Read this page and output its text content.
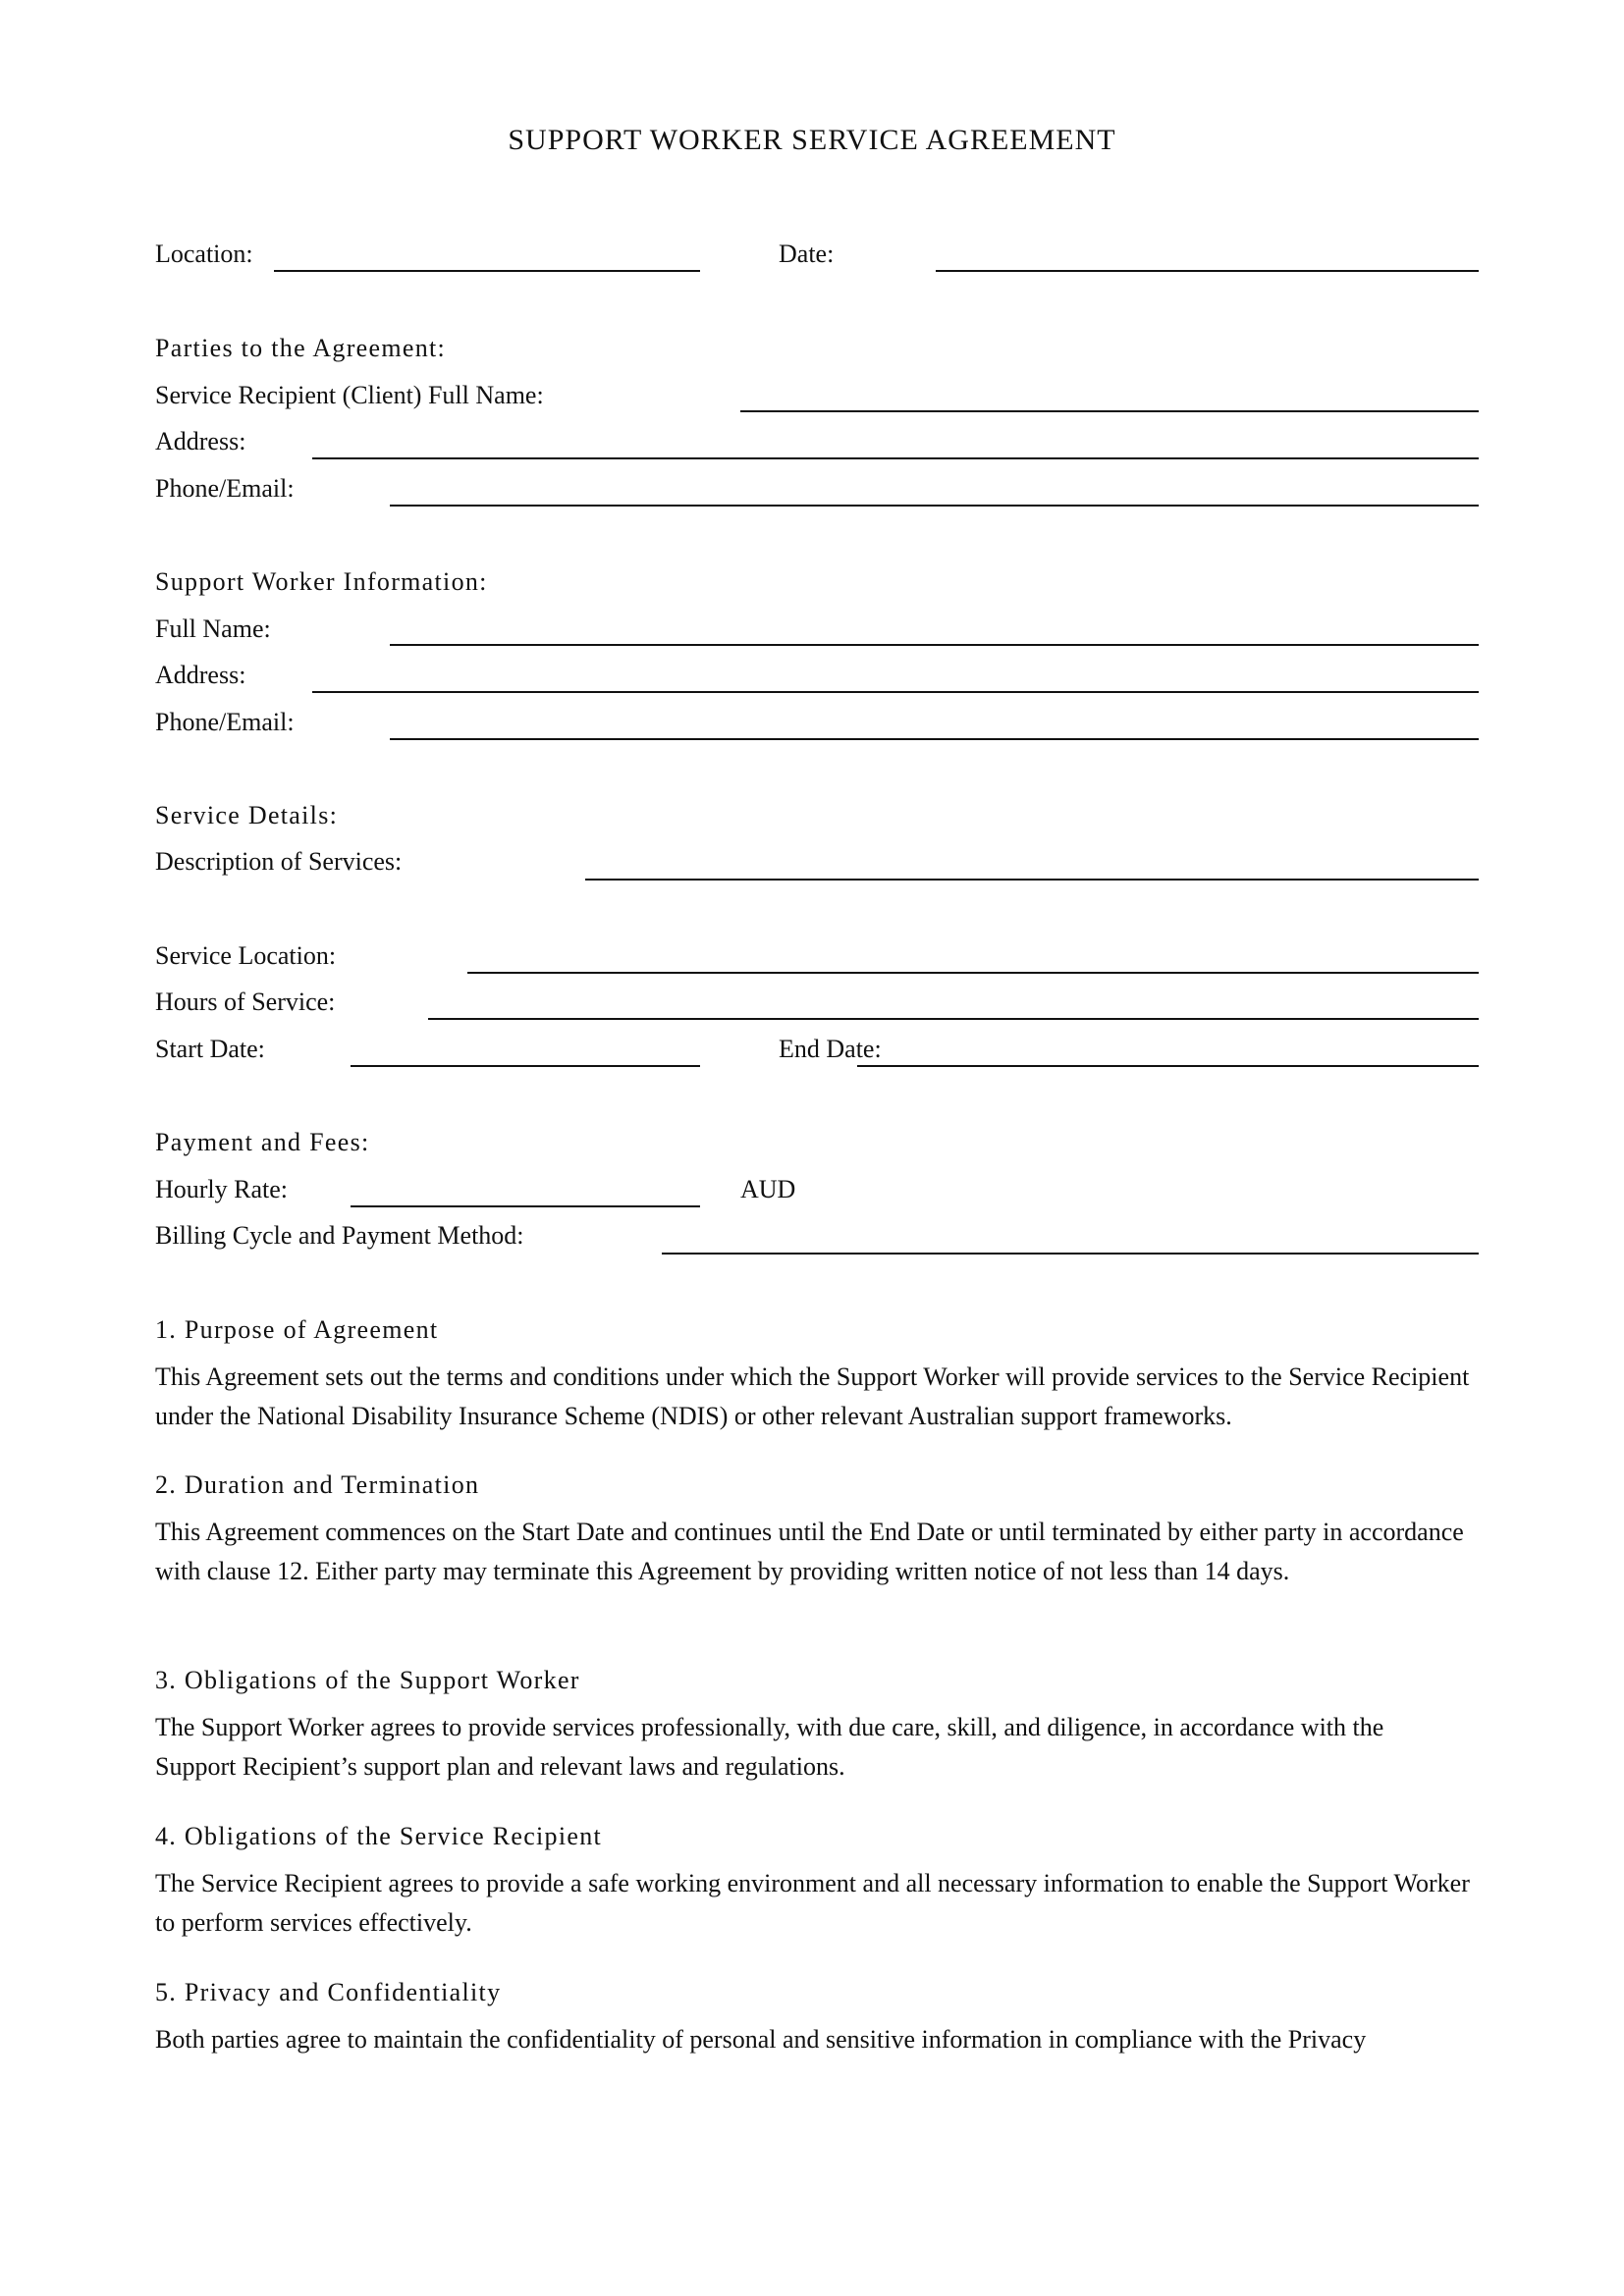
SUPPORT WORKER SERVICE AGREEMENT
Location:	Date:
Parties to the Agreement:
Service Recipient (Client) Full Name:
Address:
Phone/Email:
Support Worker Information:
Full Name:
Address:
Phone/Email:
Service Details:
Description of Services:
Service Location:
Hours of Service:
Start Date:	End Date:
Payment and Fees:
Hourly Rate:	AUD
Billing Cycle and Payment Method:
1. Purpose of Agreement
This Agreement sets out the terms and conditions under which the Support Worker will provide services to the Service Recipient under the National Disability Insurance Scheme (NDIS) or other relevant Australian support frameworks.
2. Duration and Termination
This Agreement commences on the Start Date and continues until the End Date or until terminated by either party in accordance with clause 12. Either party may terminate this Agreement by providing written notice of not less than 14 days.
3. Obligations of the Support Worker
The Support Worker agrees to provide services professionally, with due care, skill, and diligence, in accordance with the Support Recipient’s support plan and relevant laws and regulations.
4. Obligations of the Service Recipient
The Service Recipient agrees to provide a safe working environment and all necessary information to enable the Support Worker to perform services effectively.
5. Privacy and Confidentiality
Both parties agree to maintain the confidentiality of personal and sensitive information in compliance with the Privacy
